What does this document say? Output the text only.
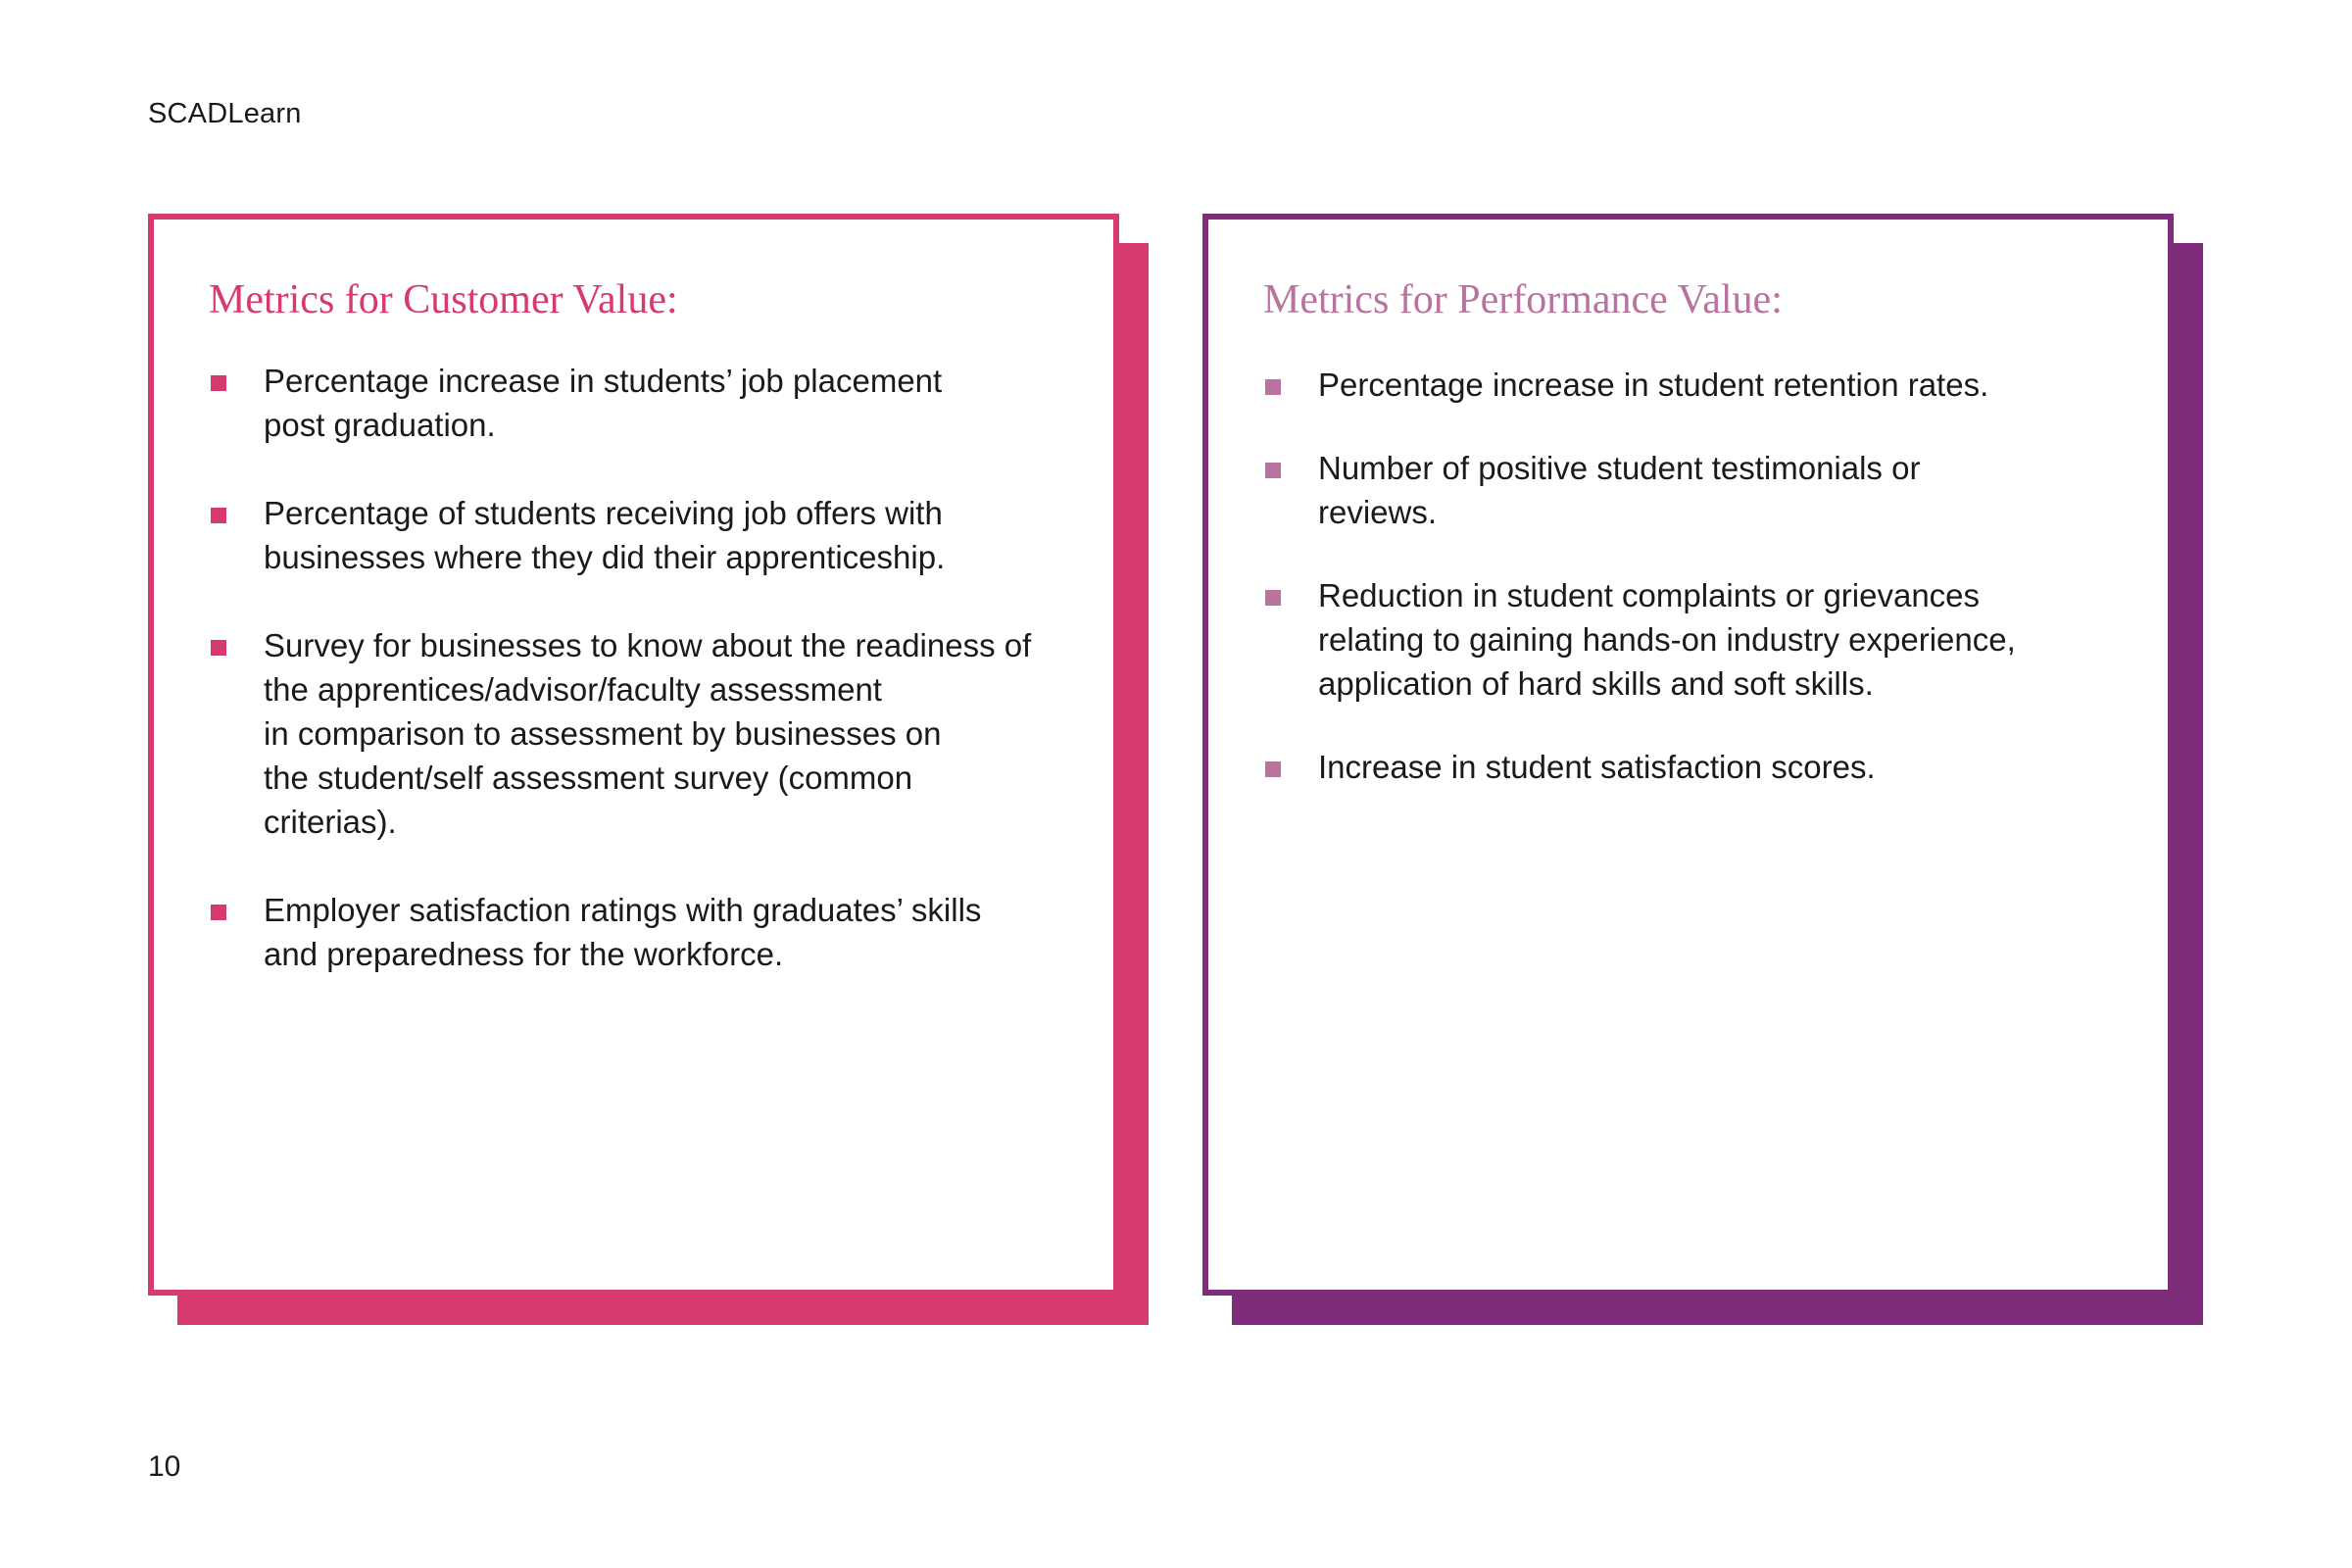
SCADLearn
Metrics for Customer Value:
Percentage increase in students’ job placement
post graduation.
Percentage of students receiving job offers with
businesses where they did their apprenticeship.
Survey for businesses to know about the readiness of
the apprentices/advisor/faculty assessment
in comparison to assessment by businesses on
the student/self assessment survey (common
criterias).
Employer satisfaction ratings with graduates’ skills
and preparedness for the workforce.
Metrics for Performance Value:
Percentage increase in student retention rates.
Number of positive student testimonials or
reviews.
Reduction in student complaints or grievances
relating to gaining hands-on industry experience,
application of hard skills and soft skills.
Increase in student satisfaction scores.
10
